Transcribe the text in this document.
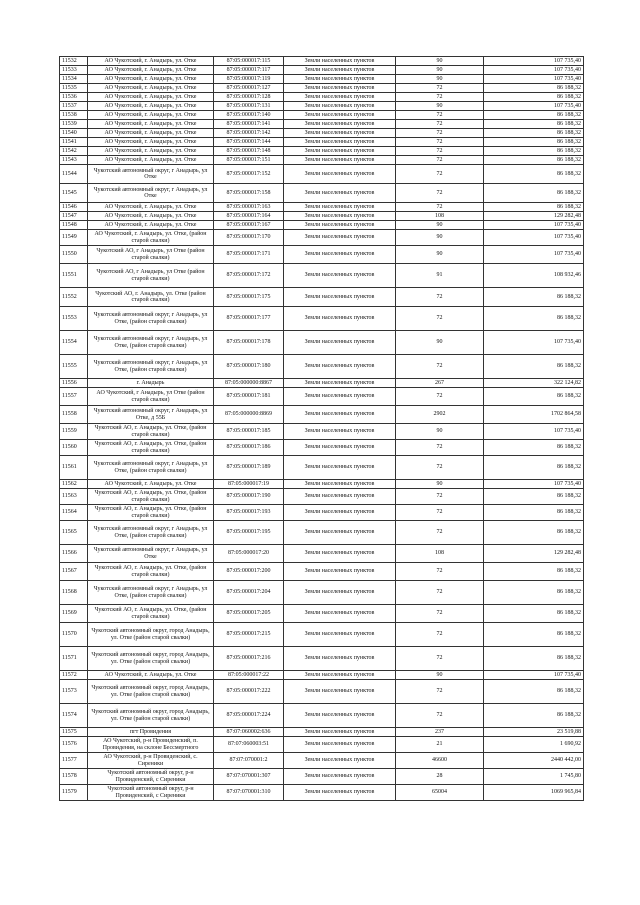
11532	АО Чукотский, г. Анадырь, ул. Отке	87:05:000017:115	Земли населенных пунктов	90	107 735,40
11533	АО Чукотский, г. Анадырь, ул. Отке	87:05:000017:117	Земли населенных пунктов	90	107 735,40
11534	АО Чукотский, г. Анадырь, ул. Отке	87:05:000017:119	Земли населенных пунктов	90	107 735,40
11535	АО Чукотский, г. Анадырь, ул. Отке	87:05:000017:127	Земли населенных пунктов	72	86 188,32
11536	АО Чукотский, г. Анадырь, ул. Отке	87:05:000017:128	Земли населенных пунктов	72	86 188,32
11537	АО Чукотский, г. Анадырь, ул. Отке	87:05:000017:131	Земли населенных пунктов	90	107 735,40
11538	АО Чукотский, г. Анадырь, ул. Отке	87:05:000017:140	Земли населенных пунктов	72	86 188,32
11539	АО Чукотский, г. Анадырь, ул. Отке	87:05:000017:141	Земли населенных пунктов	72	86 188,32
11540	АО Чукотский, г. Анадырь, ул. Отке	87:05:000017:142	Земли населенных пунктов	72	86 188,32
11541	АО Чукотский, г. Анадырь, ул. Отке	87:05:000017:144	Земли населенных пунктов	72	86 188,32
11542	АО Чукотский, г. Анадырь, ул. Отке	87:05:000017:148	Земли населенных пунктов	72	86 188,32
11543	АО Чукотский, г. Анадырь, ул. Отке	87:05:000017:151	Земли населенных пунктов	72	86 188,32
11544	Чукотский автономный округ, г Анадырь, ул Отке	87:05:000017:152	Земли населенных пунктов	72	86 188,32
11545	Чукотский автономный округ, г Анадырь, ул Отке	87:05:000017:158	Земли населенных пунктов	72	86 188,32
11546	АО Чукотский, г. Анадырь, ул. Отке	87:05:000017:163	Земли населенных пунктов	72	86 188,32
11547	АО Чукотский, г. Анадырь, ул. Отке	87:05:000017:164	Земли населенных пунктов	108	129 282,48
11548	АО Чукотский, г. Анадырь, ул. Отке	87:05:000017:167	Земли населенных пунктов	90	107 735,40
11549	АО Чукотский, г. Анадырь, ул. Отке, (район старой свалки)	87:05:000017:170	Земли населенных пунктов	90	107 735,40
11550	Чукотский АО, г Анадырь, ул Отке (район старой свалки)	87:05:000017:171	Земли населенных пунктов	90	107 735,40
11551	Чукотский АО, г Анадырь, ул Отке (район старой свалки)	87:05:000017:172	Земли населенных пунктов	91	108 932,46
11552	Чукотский АО, г. Анадырь, ул. Отке (район старой свалки)	87:05:000017:175	Земли населенных пунктов	72	86 188,32
11553	Чукотский автономный округ, г Анадырь, ул Отке, (район старой свалки)	87:05:000017:177	Земли населенных пунктов	72	86 188,32
11554	Чукотский автономный округ, г Анадырь, ул Отке, (район старой свалки)	87:05:000017:178	Земли населенных пунктов	90	107 735,40
11555	Чукотский автономный округ, г Анадырь, ул Отке, (район старой свалки)	87:05:000017:180	Земли населенных пунктов	72	86 188,32
11556	г. Анадырь	87:05:000000:8867	Земли населенных пунктов	267	322 124,82
11557	АО Чукотский, г Анадырь, ул Отке (район старой свалки)	87:05:000017:181	Земли населенных пунктов	72	86 188,32
11558	Чукотский автономный округ, г Анадырь, ул Отке, д 55Б	87:05:000000:8869	Земли населенных пунктов	2902	1702 864,58
11559	Чукотский АО, г. Анадырь, ул. Отке, (район старой свалки)	87:05:000017:185	Земли населенных пунктов	90	107 735,40
11560	Чукотский АО, г. Анадырь, ул. Отке, (район старой свалки)	87:05:000017:186	Земли населенных пунктов	72	86 188,32
11561	Чукотский автономный округ, г Анадырь, ул Отке, (район старой свалки)	87:05:000017:189	Земли населенных пунктов	72	86 188,32
11562	АО Чукотский, г. Анадырь, ул. Отке	87:05:000017:19	Земли населенных пунктов	90	107 735,40
11563	Чукотский АО, г. Анадырь, ул. Отке, (район старой свалки)	87:05:000017:190	Земли населенных пунктов	72	86 188,32
11564	Чукотский АО, г. Анадырь, ул. Отке, (район старой свалки)	87:05:000017:193	Земли населенных пунктов	72	86 188,32
11565	Чукотский автономный округ, г Анадырь, ул Отке, (район старой свалки)	87:05:000017:195	Земли населенных пунктов	72	86 188,32
11566	Чукотский автономный округ, г Анадырь, ул Отке	87:05:000017:20	Земли населенных пунктов	108	129 282,48
11567	Чукотский АО, г. Анадырь, ул. Отке, (район старой свалки)	87:05:000017:200	Земли населенных пунктов	72	86 188,32
11568	Чукотский автономный округ, г Анадырь, ул Отке, (район старой свалки)	87:05:000017:204	Земли населенных пунктов	72	86 188,32
11569	Чукотский АО, г. Анадырь, ул. Отке, (район старой свалки)	87:05:000017:205	Земли населенных пунктов	72	86 188,32
11570	Чукотский автономный округ, город Анадырь, ул. Отке (район старой свалки)	87:05:000017:215	Земли населенных пунктов	72	86 188,32
11571	Чукотский автономный округ, город Анадырь, ул. Отке (район старой свалки)	87:05:000017:216	Земли населенных пунктов	72	86 188,32
11572	АО Чукотский, г. Анадырь, ул. Отке	87:05:000017:22	Земли населенных пунктов	90	107 735,40
11573	Чукотский автономный округ, город Анадырь, ул. Отке (район старой свалки)	87:05:000017:222	Земли населенных пунктов	72	86 188,32
11574	Чукотский автономный округ, город Анадырь, ул. Отке (район старой свалки)	87:05:000017:224	Земли населенных пунктов	72	86 188,32
11575	пгт Провидения	87:07:060002:636	Земли населенных пунктов	237	23 519,88
11576	АО Чукотский, р-н Провиденский, п. Провидения, на склоне Бессмертного	87:07:060003:51	Земли населенных пунктов	21	1 690,92
11577	АО Чукотский, р-н Провиденский, с. Сиреники	87:07:070001:2	Земли населенных пунктов	46600	2440 442,00
11578	Чукотский автономный округ, р-н Провиденский, с Сиреники	87:07:070001:307	Земли населенных пунктов	28	1 745,80
11579	Чукотский автономный округ, р-н Провиденский, с Сиреники	87:07:070001:310	Земли населенных пунктов	65004	1069 965,84
